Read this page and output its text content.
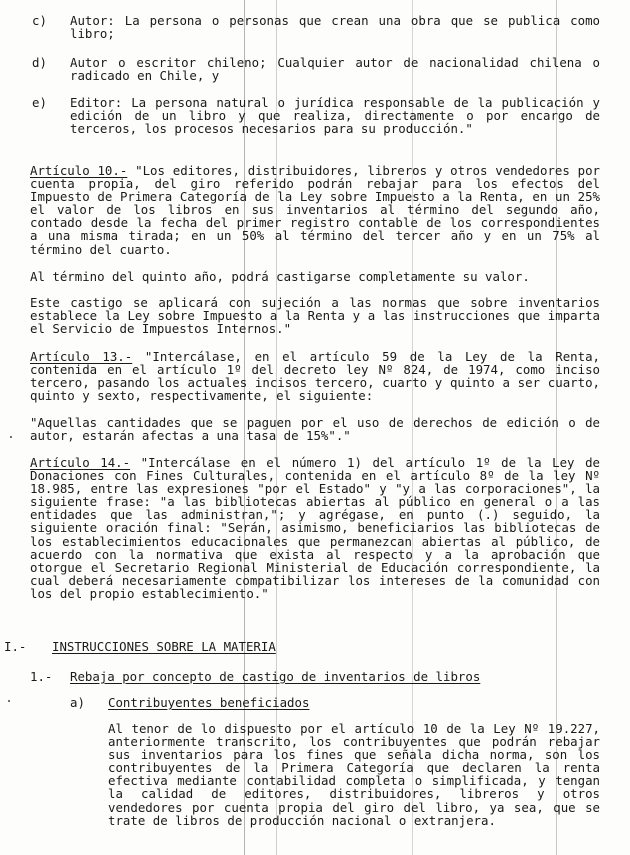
c) Autor: La persona o personas que crean una obra que se publica como libro;
d) Autor o escritor chileno; Cualquier autor de nacionalidad chilena o radicado en Chile, y
e) Editor: La persona natural o jurídica responsable de la publicación y edición de un libro y que realiza, directamente o por encargo de terceros, los procesos necesarios para su producción."
Artículo 10.- "Los editores, distribuidores, libreros y otros vendedores por cuenta propia, del giro referido podrán rebajar para los efectos del Impuesto de Primera Categoría de la Ley sobre Impuesto a la Renta, en un 25% el valor de los libros en sus inventarios al término del segundo año, contado desde la fecha del primer registro contable de los correspondientes a una misma tirada; en un 50% al término del tercer año y en un 75% al término del cuarto.
Al término del quinto año, podrá castigarse completamente su valor.
Este castigo se aplicará con sujeción a las normas que sobre inventarios establece la Ley sobre Impuesto a la Renta y a las instrucciones que imparta el Servicio de Impuestos Internos."
Artículo 13.- "Intercálase, en el artículo 59 de la Ley de la Renta, contenida en el artículo 1º del decreto ley Nº 824, de 1974, como inciso tercero, pasando los actuales incisos tercero, cuarto y quinto a ser cuarto, quinto y sexto, respectivamente, el siguiente:
"Aquellas cantidades que se paguen por el uso de derechos de edición o de autor, estarán afectas a una tasa de 15%"."
Artículo 14.- "Intercálase en el número 1) del artículo 1º de la Ley de Donaciones con Fines Culturales, contenida en el artículo 8º de la ley Nº 18.985, entre las expresiones "por el Estado" y "y a las corporaciones", la siguiente frase: "a las bibliotecas abiertas al público en general o a las entidades que las administran,"; y agrégase, en punto (.) seguido, la siguiente oración final: "Serán, asimismo, beneficiarios las bibliotecas de los establecimientos educacionales que permanezcan abiertas al público, de acuerdo con la normativa que exista al respecto y a la aprobación que otorgue el Secretario Regional Ministerial de Educación correspondiente, la cual deberá necesariamente compatibilizar los intereses de la comunidad con los del propio establecimiento."
I.- INSTRUCCIONES SOBRE LA MATERIA
1.- Rebaja por concepto de castigo de inventarios de libros
a) Contribuyentes beneficiados
Al tenor de lo dispuesto por el artículo 10 de la Ley Nº 19.227, anteriormente transcrito, los contribuyentes que podrán rebajar sus inventarios para los fines que señala dicha norma, son los contribuyentes de la Primera Categoría que declaren la renta efectiva mediante contabilidad completa o simplificada, y tengan la calidad de editores, distribuidores, libreros y otros vendedores por cuenta propia del giro del libro, ya sea, que se trate de libros de producción nacional o extranjera.
